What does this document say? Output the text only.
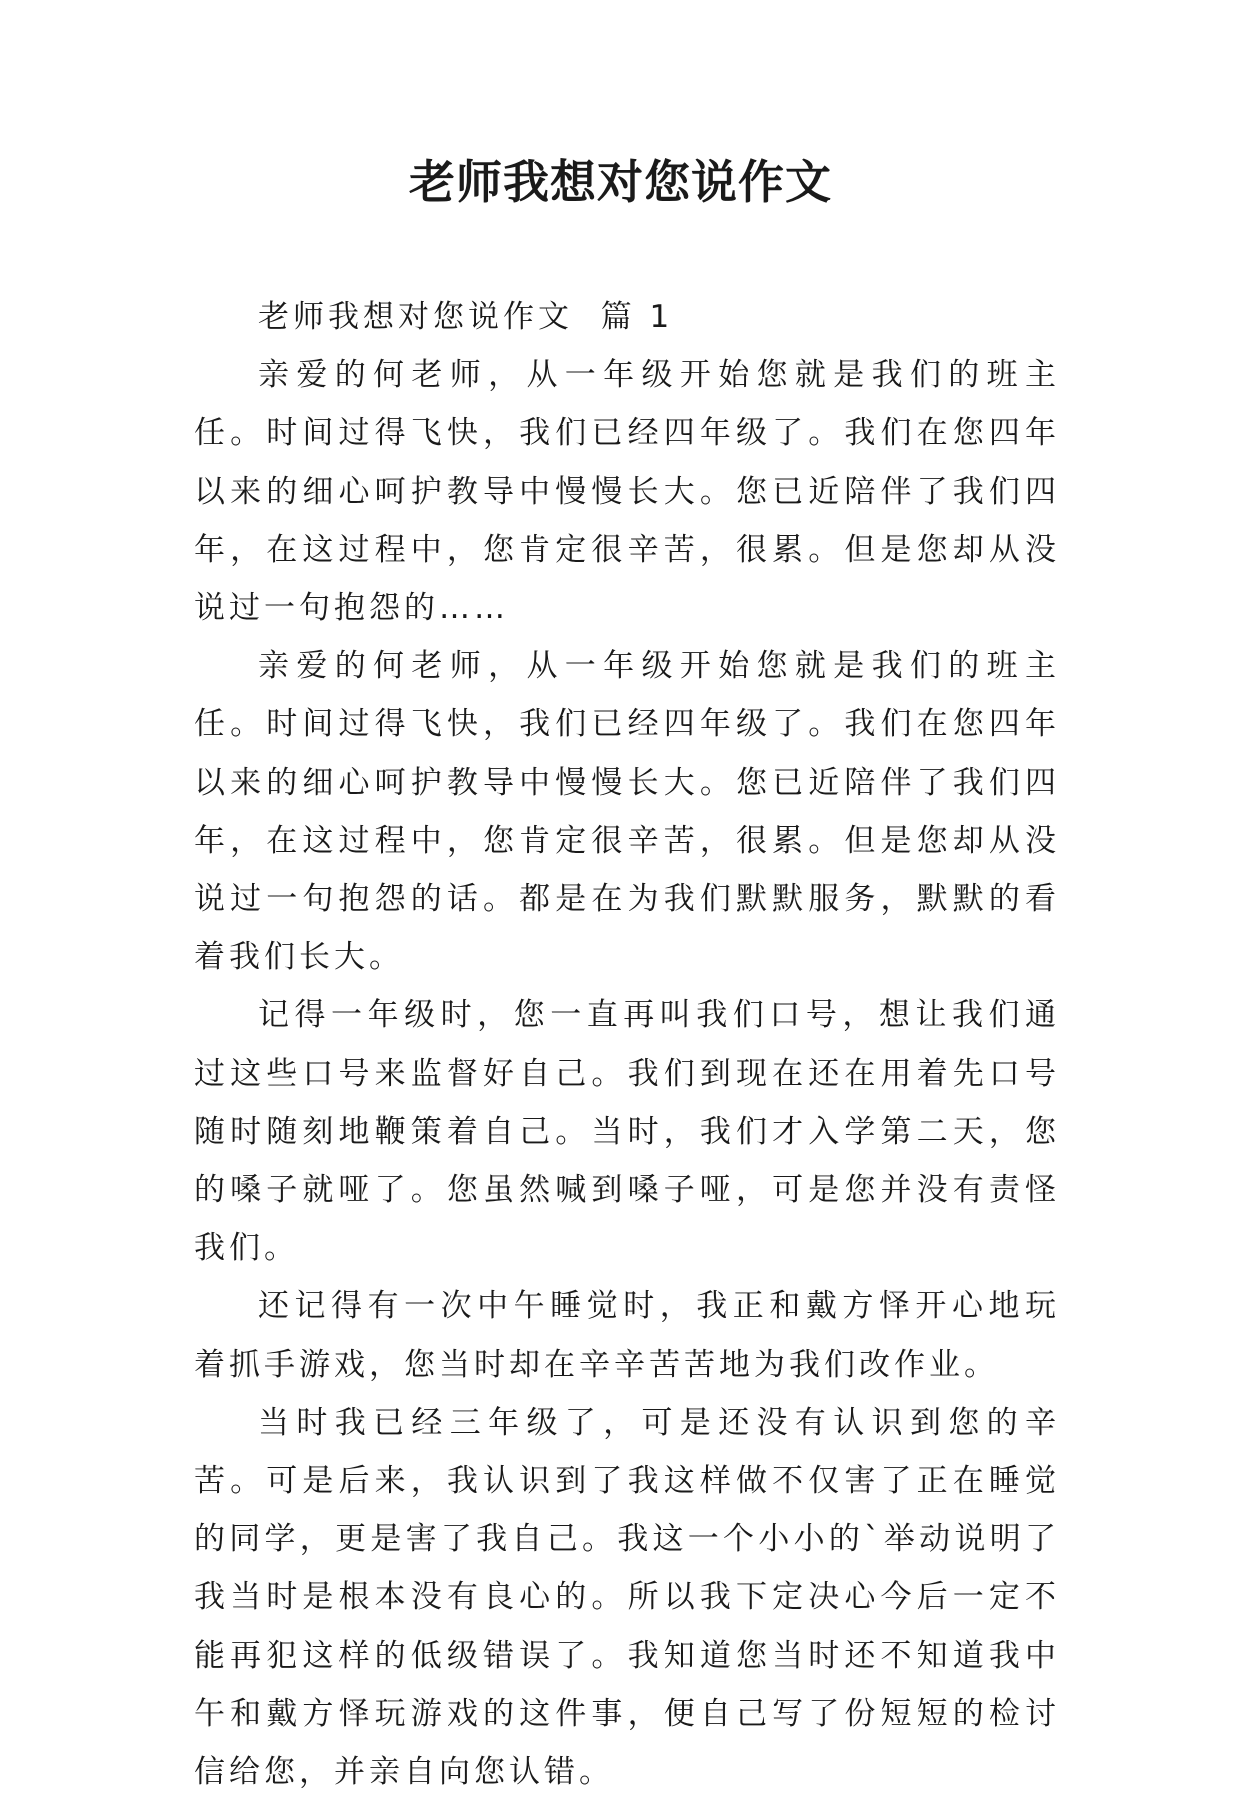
老师我想对您说作文

老师我想对您说作文  篇 1

亲爱的何老师，从一年级开始您就是我们的班主任。时间过得飞快，我们已经四年级了。我们在您四年以来的细心呵护教导中慢慢长大。您已近陪伴了我们四年，在这过程中，您肯定很辛苦，很累。但是您却从没说过一句抱怨的……

亲爱的何老师，从一年级开始您就是我们的班主任。时间过得飞快，我们已经四年级了。我们在您四年以来的细心呵护教导中慢慢长大。您已近陪伴了我们四年，在这过程中，您肯定很辛苦，很累。但是您却从没说过一句抱怨的话。都是在为我们默默服务，默默的看着我们长大。

记得一年级时，您一直再叫我们口号，想让我们通过这些口号来监督好自己。我们到现在还在用着先口号随时随刻地鞭策着自己。当时，我们才入学第二天，您的嗓子就哑了。您虽然喊到嗓子哑，可是您并没有责怪我们。

还记得有一次中午睡觉时，我正和戴方怿开心地玩着抓手游戏，您当时却在辛辛苦苦地为我们改作业。

当时我已经三年级了，可是还没有认识到您的辛苦。可是后来，我认识到了我这样做不仅害了正在睡觉的同学，更是害了我自己。我这一个小小的`举动说明了我当时是根本没有良心的。所以我下定决心今后一定不能再犯这样的低级错误了。我知道您当时还不知道我中午和戴方怿玩游戏的这件事，便自己写了份短短的检讨信给您，并亲自向您认错。
